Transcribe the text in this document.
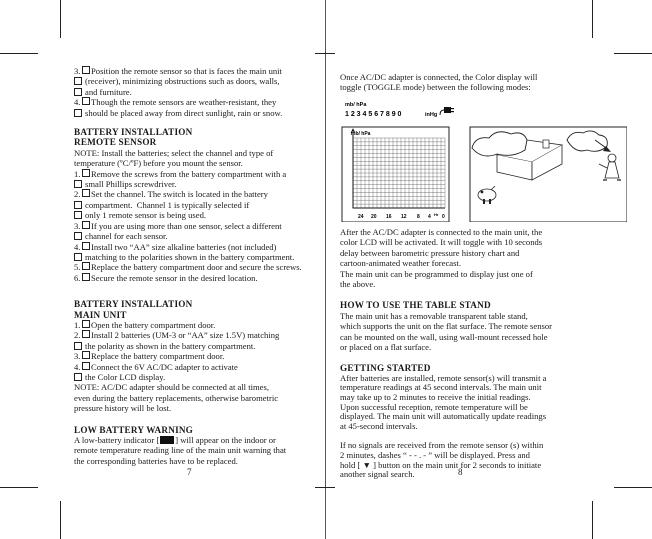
3. Position the remote sensor so that is faces the main unit

(receiver), minimizing obstructions such as doors, walls,

and furniture.

4. Though the remote sensors are weather-resistant, they

should be placed away from direct sunlight, rain or snow.

BATTERY INSTALLATION
REMOTE SENSOR

NOTE: Install the batteries; select the channel and type of

temperature (ºC/ºF) before you mount the sensor.

1. Remove the screws from the battery compartment with a

small Phillips screwdriver.

2. Set the channel. The switch is located in the battery

compartment.  Channel 1 is typically selected if

only 1 remote sensor is being used.

3. If you are using more than one sensor, select a different

channel for each sensor.

4. Install two “AA” size alkaline batteries (not included)

matching to the polarities shown in the battery compartment.

5. Replace the battery compartment door and secure the screws.
6. Secure the remote sensor in the desired location.
BATTERY INSTALLATION
MAIN UNIT
1. Open the battery compartment door.
2. Install 2 batteries (UM-3 or “AA” size 1.5V) matching

the polarity as shown in the battery compartment.

3. Replace the battery compartment door.
4. Connect the 6V AC/DC adapter to activate

the Color LCD display.

NOTE: AC/DC adapter should be connected at all times,

even during the battery replacements, otherwise barometric

pressure history will be lost.

LOW BATTERY WARNING

A low-battery indicator [ ] will appear on the indoor or

remote temperature reading line of the main unit warning that

the corresponding batteries have to be replaced.

7

Once AC/DC adapter is connected, the Color display will

toggle (TOGGLE mode) between the following modes:

mb/ hPa
1 2 3 4 5 6 7 8 9 0	inHg
mb/ hPa
24 20 16 12 8 4 Hr 0

After the AC/DC adapter is connected to the main unit, the

color LCD will be activated. It will toggle with 10 seconds

delay between barometric pressure history chart and

cartoon-animated weather forecast.

The main unit can be programmed to display just one of

the above.

HOW TO USE THE TABLE STAND

The main unit has a removable transparent table stand,

which supports the unit on the flat surface. The remote sensor

can be mounted on the wall, using wall-mount recessed hole

or placed on a flat surface.

GETTING STARTED

After batteries are installed, remote sensor(s) will transmit a

temperature readings at 45 second intervals. The main unit

may take up to 2 minutes to receive the initial readings.

Upon successful reception, remote temperature will be

displayed. The main unit will automatically update readings

at 45-second intervals.

If no signals are received from the remote sensor (s) within

2 minutes, dashes “ - - . - ” will be displayed. Press and

hold [ ▼ ] button on the main unit for 2 seconds to initiate

another signal search.	8
